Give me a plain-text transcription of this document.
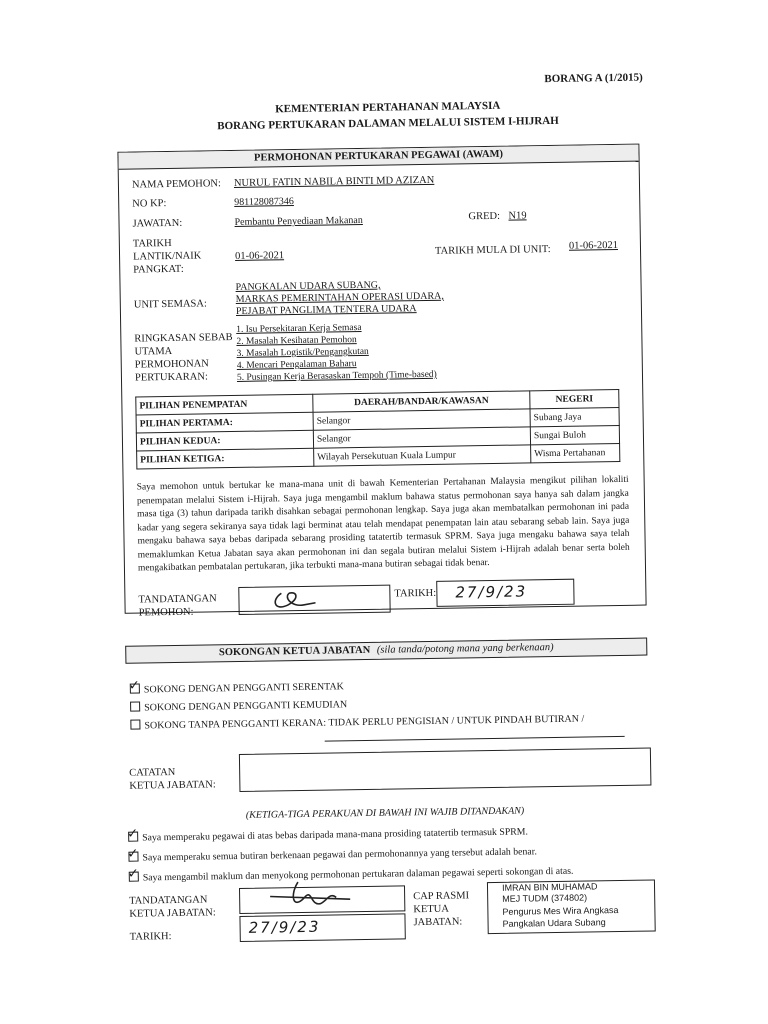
BORANG A (1/2015)
KEMENTERIAN PERTAHANAN MALAYSIA
BORANG PERTUKARAN DALAMAN MELALUI SISTEM I-HIJRAH
PERMOHONAN PERTUKARAN PEGAWAI (AWAM)
NAMA PEMOHON: NURUL FATIN NABILA BINTI MD AZIZAN
NO KP:	981128087346
JAWATAN:	Pembantu Penyediaan Makanan	GRED: N19
TARIKH
LANTIK/NAIK
PANGKAT:
01-06-2021	TARIKH MULA DI UNIT: 01-06-2021
UNIT SEMASA:
PANGKALAN UDARA SUBANG,
MARKAS PEMERINTAHAN OPERASI UDARA,
PEJABAT PANGLIMA TENTERA UDARA
RINGKASAN SEBAB
UTAMA
PERMOHONAN
PERTUKARAN:
1. Isu Persekitaran Kerja Semasa
2. Masalah Kesihatan Pemohon
3. Masalah Logistik/Pengangkutan
4. Mencari Pengalaman Baharu
5. Pusingan Kerja Berasaskan Tempoh (Time-based)
PILIHAN PENEMPATAN	DAERAH/BANDAR/KAWASAN	NEGERI
PILIHAN PERTAMA:	Selangor	Subang Jaya
PILIHAN KEDUA:	Selangor	Sungai Buloh
PILIHAN KETIGA:	Wilayah Persekutuan Kuala Lumpur	Wisma Pertahanan
Saya memohon untuk bertukar ke mana-mana unit di bawah Kementerian Pertahanan Malaysia mengikut pilihan lokaliti penempatan melalui Sistem i-Hijrah. Saya juga mengambil maklum bahawa status permohonan saya hanya sah dalam jangka masa tiga (3) tahun daripada tarikh disahkan sebagai permohonan lengkap. Saya juga akan membatalkan permohonan ini pada kadar yang segera sekiranya saya tidak lagi berminat atau telah mendapat penempatan lain atau sebarang sebab lain. Saya juga mengaku bahawa saya bebas daripada sebarang prosiding tatatertib termasuk SPRM. Saya juga mengaku bahawa saya telah memaklumkan Ketua Jabatan saya akan permohonan ini dan segala butiran melalui Sistem i-Hijrah adalah benar serta boleh mengakibatkan pembatalan pertukaran, jika terbukti mana-mana butiran sebagai tidak benar.
TANDATANGAN
PEMOHON:
TARIKH: 27/9/23
SOKONGAN KETUA JABATAN (sila tanda/potong mana yang berkenaan)
✓ SOKONG DENGAN PENGGANTI SERENTAK
SOKONG DENGAN PENGGANTI KEMUDIAN
SOKONG TANPA PENGGANTI KERANA: TIDAK PERLU PENGISIAN / UNTUK PINDAH BUTIRAN /
CATATAN
KETUA JABATAN:
(KETIGA-TIGA PERAKUAN DI BAWAH INI WAJIB DITANDAKAN)
✓ Saya memperaku pegawai di atas bebas daripada mana-mana prosiding tatatertib termasuk SPRM.
✓ Saya memperaku semua butiran berkenaan pegawai dan permohonannya yang tersebut adalah benar.
✓ Saya mengambil maklum dan menyokong permohonan pertukaran dalaman pegawai seperti sokongan di atas.
TANDATANGAN
KETUA JABATAN:
TARIKH:
27/9/23
CAP RASMI
KETUA
JABATAN:
IMRAN BIN MUHAMAD
MEJ TUDM (374802)
Pengurus Mes Wira Angkasa
Pangkalan Udara Subang
